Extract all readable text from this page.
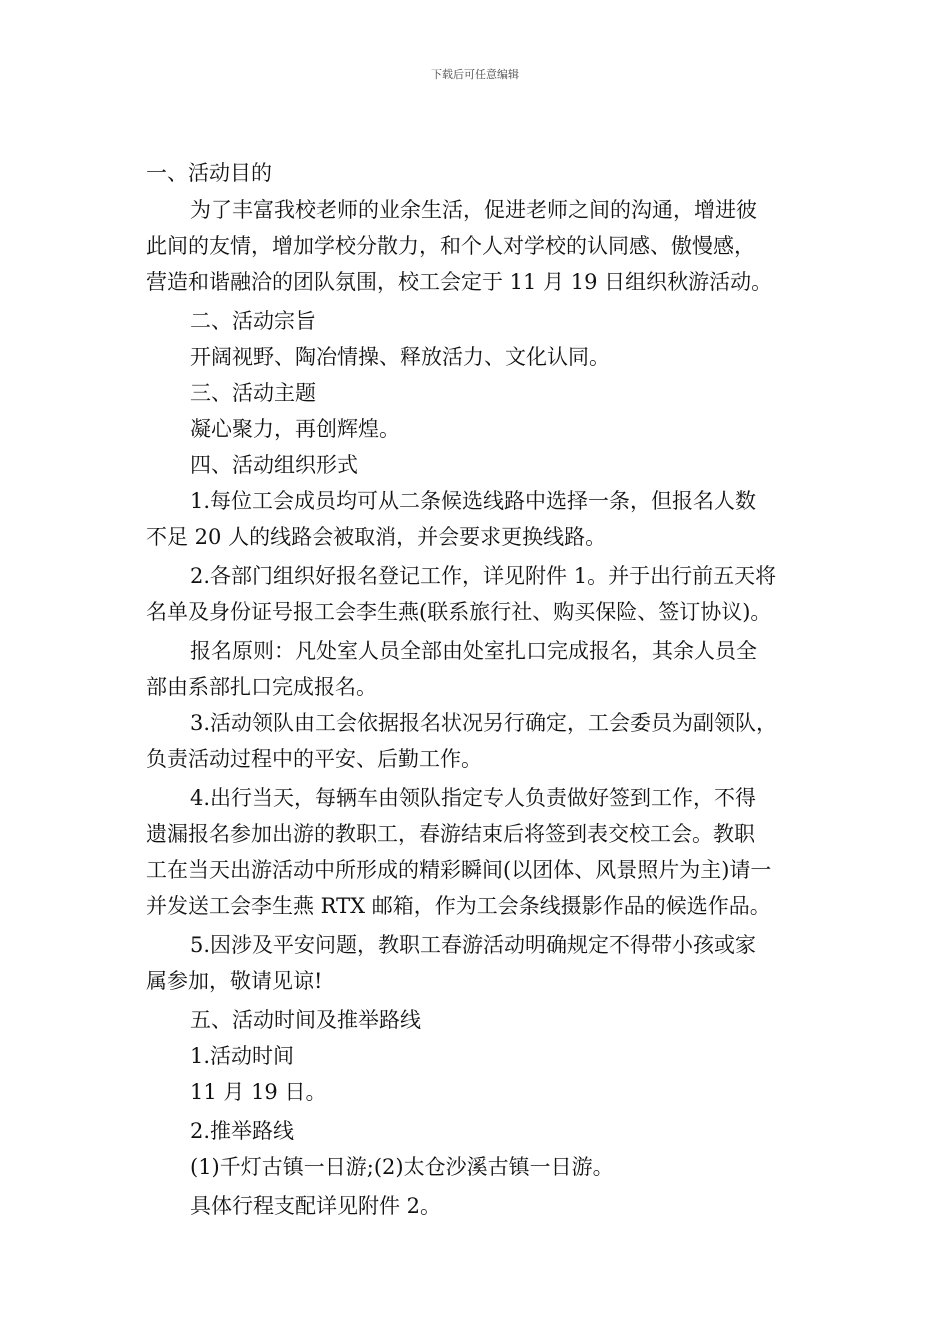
下载后可任意编辑
一、活动目的
为了丰富我校老师的业余生活，促进老师之间的沟通，增进彼
此间的友情，增加学校分散力，和个人对学校的认同感、傲慢感，
营造和谐融洽的团队氛围，校工会定于 11 月 19 日组织秋游活动。
二、活动宗旨
开阔视野、陶冶情操、释放活力、文化认同。
三、活动主题
凝心聚力，再创辉煌。
四、活动组织形式
1.每位工会成员均可从二条候选线路中选择一条，但报名人数
不足 20 人的线路会被取消，并会要求更换线路。
2.各部门组织好报名登记工作，详见附件 1。并于出行前五天将
名单及身份证号报工会李生燕(联系旅行社、购买保险、签订协议)。
报名原则：凡处室人员全部由处室扎口完成报名，其余人员全
部由系部扎口完成报名。
3.活动领队由工会依据报名状况另行确定，工会委员为副领队，
负责活动过程中的平安、后勤工作。
4.出行当天，每辆车由领队指定专人负责做好签到工作，不得
遗漏报名参加出游的教职工，春游结束后将签到表交校工会。教职
工在当天出游活动中所形成的精彩瞬间(以团体、风景照片为主)请一
并发送工会李生燕 RTX 邮箱，作为工会条线摄影作品的候选作品。
5.因涉及平安问题，教职工春游活动明确规定不得带小孩或家
属参加，敬请见谅!
五、活动时间及推举路线
1.活动时间
11 月 19 日。
2.推举路线
(1)千灯古镇一日游;(2)太仓沙溪古镇一日游。
具体行程支配详见附件 2。
